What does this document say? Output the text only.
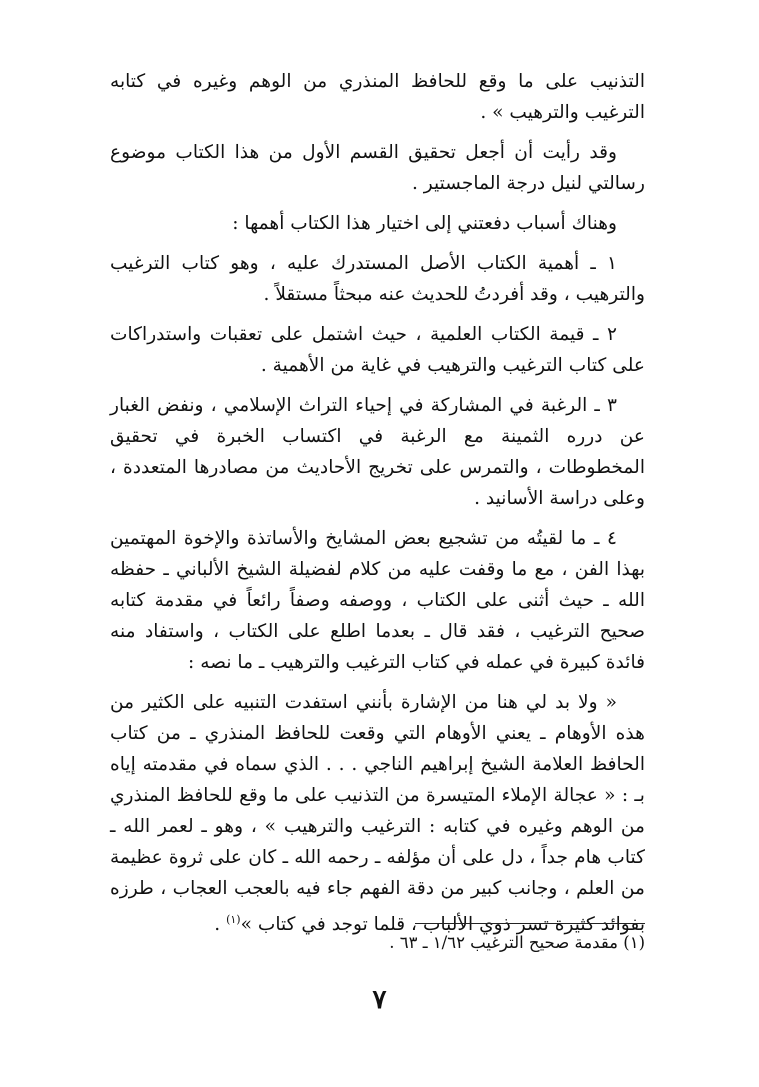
التذنيب على ما وقع للحافظ المنذري من الوهم وغيره في كتابه الترغيب والترهيب » .

وقد رأيت أن أجعل تحقيق القسم الأول من هذا الكتاب موضوع رسالتي لنيل درجة الماجستير .

وهناك أسباب دفعتني إلى اختيار هذا الكتاب أهمها :

١ ـ أهمية الكتاب الأصل المستدرك عليه ، وهو كتاب الترغيب والترهيب ، وقد أفردتُ للحديث عنه مبحثاً مستقلاً .

٢ ـ قيمة الكتاب العلمية ، حيث اشتمل على تعقبات واستدراكات على كتاب الترغيب والترهيب في غاية من الأهمية .

٣ ـ الرغبة في المشاركة في إحياء التراث الإسلامي ، ونفض الغبار عن درره الثمينة مع الرغبة في اكتساب الخبرة في تحقيق المخطوطات ، والتمرس على تخريج الأحاديث من مصادرها المتعددة ، وعلى دراسة الأسانيد .

٤ ـ ما لقيتُه من تشجيع بعض المشايخ والأساتذة والإخوة المهتمين بهذا الفن ، مع ما وقفت عليه من كلام لفضيلة الشيخ الألباني ـ حفظه الله ـ حيث أثنى على الكتاب ، ووصفه وصفاً رائعاً في مقدمة كتابه صحيح الترغيب ، فقد قال ـ بعدما اطلع على الكتاب ، واستفاد منه فائدة كبيرة في عمله في كتاب الترغيب والترهيب ـ ما نصه :

« ولا بد لي هنا من الإشارة بأنني استفدت التنبيه على الكثير من هذه الأوهام ـ يعني الأوهام التي وقعت للحافظ المنذري ـ من كتاب الحافظ العلامة الشيخ إبراهيم الناجي . . . الذي سماه في مقدمته إياه بـ : « عجالة الإملاء المتيسرة من التذنيب على ما وقع للحافظ المنذري من الوهم وغيره في كتابه : الترغيب والترهيب » ، وهو ـ لعمر الله ـ كتاب هام جداً ، دل على أن مؤلفه ـ رحمه الله ـ كان على ثروة عظيمة من العلم ، وجانب كبير من دقة الفهم جاء فيه بالعجب العجاب ، طرزه بفوائد كثيرة تسر ذوي الألباب ، قلما توجد في كتاب »$^{(١)}$ .

(١) مقدمة صحيح الترغيب ١/٦٢ ـ ٦٣ .
٧
